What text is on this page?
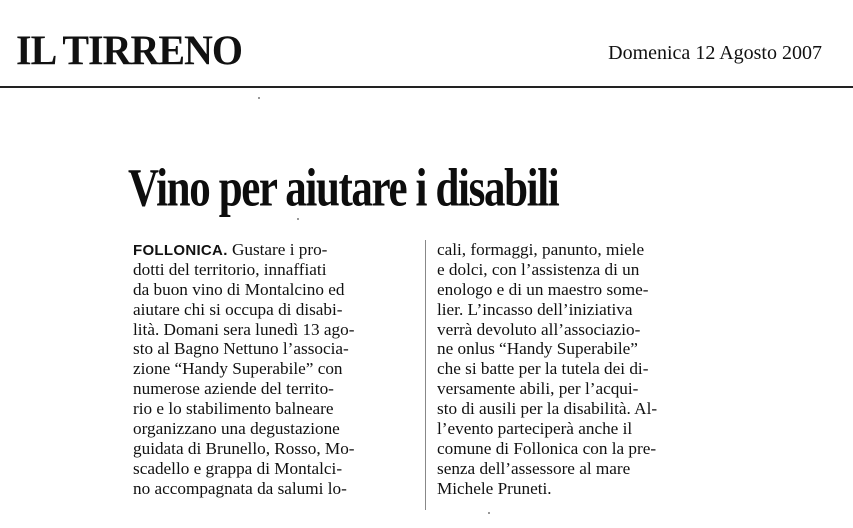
IL TIRRENO	Domenica 12 Agosto 2007
Vino per aiutare i disabili
FOLLONICA. Gustare i pro-
dotti del territorio, innaffiati
da buon vino di Montalcino ed
aiutare chi si occupa di disabi-
lità. Domani sera lunedì 13 ago-
sto al Bagno Nettuno l’associa-
zione “Handy Superabile” con
numerose aziende del territo-
rio e lo stabilimento balneare
organizzano una degustazione
guidata di Brunello, Rosso, Mo-
scadello e grappa di Montalci-
no accompagnata da salumi lo-
cali, formaggi, panunto, miele
e dolci, con l’assistenza di un
enologo e di un maestro some-
lier. L’incasso dell’iniziativa
verrà devoluto all’associazio-
ne onlus “Handy Superabile”
che si batte per la tutela dei di-
versamente abili, per l’acqui-
sto di ausili per la disabilità. Al-
l’evento parteciperà anche il
comune di Follonica con la pre-
senza dell’assessore al mare
Michele Pruneti.
